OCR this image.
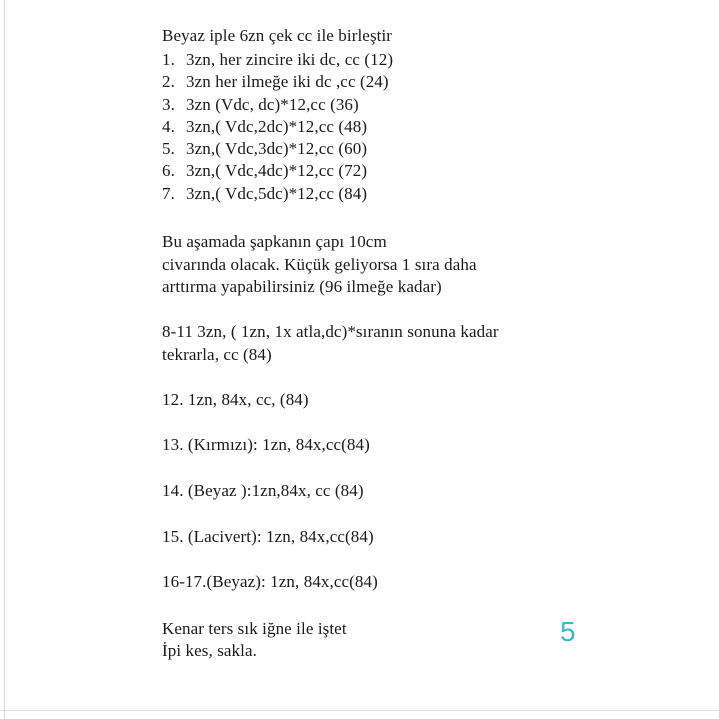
Beyaz iple 6zn çek cc ile birleştir
1. 3zn, her zincire iki dc, cc (12)
2. 3zn her ilmeğe iki dc ,cc (24)
3. 3zn (Vdc, dc)*12,cc (36)
4. 3zn,( Vdc,2dc)*12,cc (48)
5. 3zn,( Vdc,3dc)*12,cc (60)
6. 3zn,( Vdc,4dc)*12,cc (72)
7. 3zn,( Vdc,5dc)*12,cc (84)
Bu aşamada şapkanın çapı 10cm
civarında olacak. Küçük geliyorsa 1 sıra daha
arttırma yapabilirsiniz (96 ilmeğe kadar)
8-11 3zn, ( 1zn, 1x atla,dc)*sıranın sonuna kadar
tekrarla, cc (84)
12. 1zn, 84x, cc, (84)
13. (Kırmızı): 1zn, 84x,cc(84)
14. (Beyaz ):1zn,84x, cc (84)
15. (Lacivert): 1zn, 84x,cc(84)
16-17.(Beyaz): 1zn, 84x,cc(84)
Kenar ters sık iğne ile iştet
İpi kes, sakla.
5
